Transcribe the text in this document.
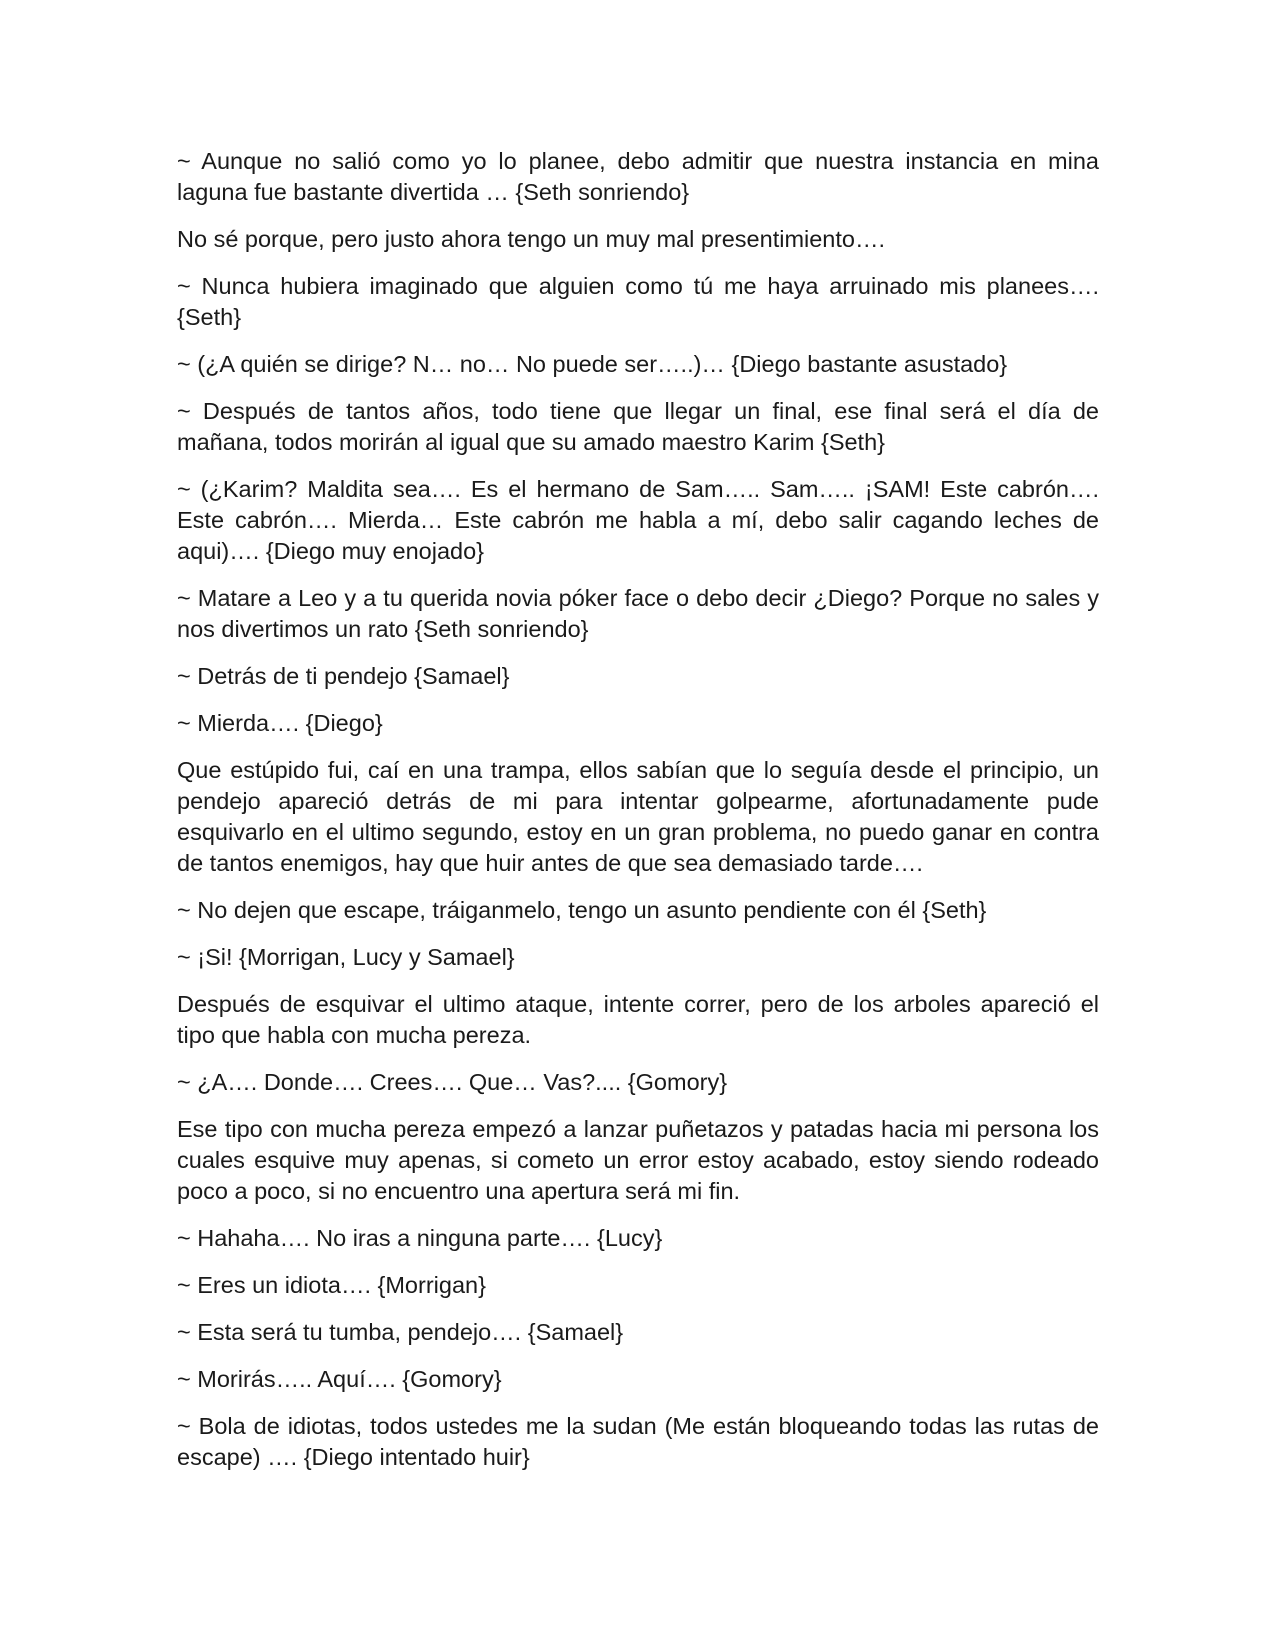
~ Aunque no salió como yo lo planee, debo admitir que nuestra instancia en mina laguna fue bastante divertida … {Seth sonriendo}

No sé porque, pero justo ahora tengo un muy mal presentimiento….

~ Nunca hubiera imaginado que alguien como tú me haya arruinado mis planees…. {Seth}

~ (¿A quién se dirige? N… no… No puede ser…..)… {Diego bastante asustado}

~ Después de tantos años, todo tiene que llegar un final, ese final será el día de mañana, todos morirán al igual que su amado maestro Karim {Seth}

~ (¿Karim? Maldita sea…. Es el hermano de Sam….. Sam….. ¡SAM! Este cabrón…. Este cabrón…. Mierda… Este cabrón me habla a mí, debo salir cagando leches de aqui)…. {Diego muy enojado}

~ Matare a Leo y a tu querida novia póker face o debo decir ¿Diego? Porque no sales y nos divertimos un rato {Seth sonriendo}

~ Detrás de ti pendejo {Samael}

~ Mierda…. {Diego}

Que estúpido fui, caí en una trampa, ellos sabían que lo seguía desde el principio, un pendejo apareció detrás de mi para intentar golpearme, afortunadamente pude esquivarlo en el ultimo segundo, estoy en un gran problema, no puedo ganar en contra de tantos enemigos, hay que huir antes de que sea demasiado tarde….

~ No dejen que escape, tráiganmelo, tengo un asunto pendiente con él {Seth}

~ ¡Si! {Morrigan, Lucy y Samael}

Después de esquivar el ultimo ataque, intente correr, pero de los arboles apareció el tipo que habla con mucha pereza.

~ ¿A…. Donde…. Crees…. Que… Vas?.... {Gomory}

Ese tipo con mucha pereza empezó a lanzar puñetazos y patadas hacia mi persona los cuales esquive muy apenas, si cometo un error estoy acabado, estoy siendo rodeado poco a poco, si no encuentro una apertura será mi fin.

~ Hahaha…. No iras a ninguna parte…. {Lucy}

~ Eres un idiota…. {Morrigan}

~ Esta será tu tumba, pendejo…. {Samael}

~ Morirás….. Aquí…. {Gomory}

~ Bola de idiotas, todos ustedes me la sudan (Me están bloqueando todas las rutas de escape) …. {Diego intentado huir}
